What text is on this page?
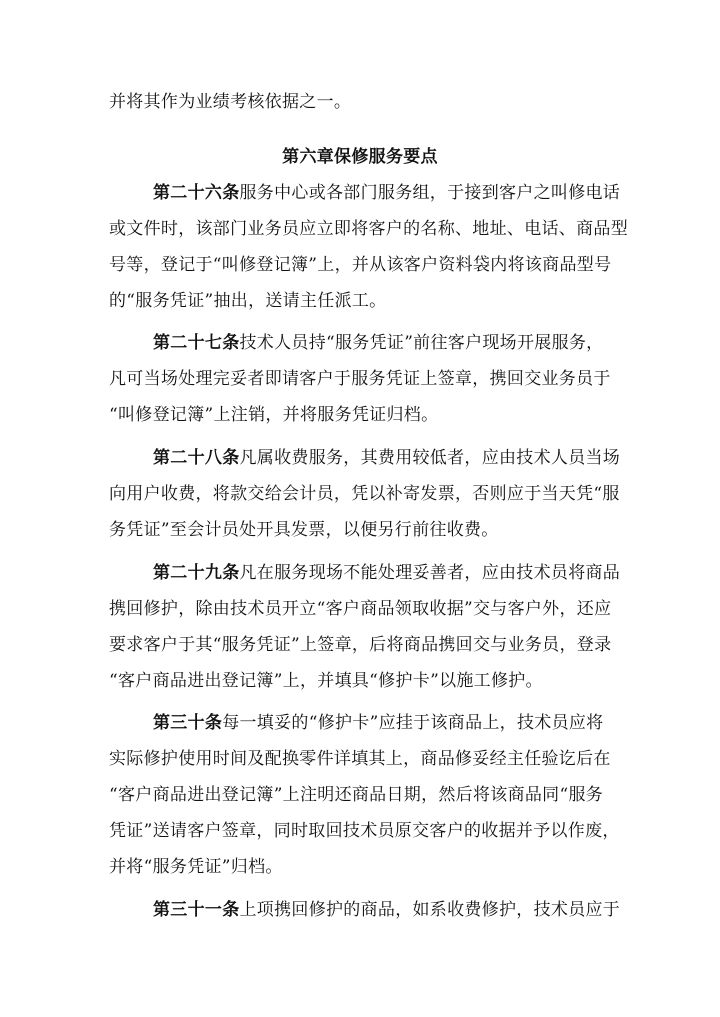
并将其作为业绩考核依据之一。
第六章保修服务要点
第二十六条服务中心或各部门服务组，于接到客户之叫修电话
或文件时，该部门业务员应立即将客户的名称、地址、电话、商品型
号等，登记于“叫修登记簿”上，并从该客户资料袋内将该商品型号
的“服务凭证”抽出，送请主任派工。
第二十七条技术人员持“服务凭证”前往客户现场开展服务，
凡可当场处理完妥者即请客户于服务凭证上签章，携回交业务员于
“叫修登记簿”上注销，并将服务凭证归档。
第二十八条凡属收费服务，其费用较低者，应由技术人员当场
向用户收费，将款交给会计员，凭以补寄发票，否则应于当天凭“服
务凭证”至会计员处开具发票，以便另行前往收费。
第二十九条凡在服务现场不能处理妥善者，应由技术员将商品
携回修护，除由技术员开立“客户商品领取收据”交与客户外，还应
要求客户于其“服务凭证”上签章，后将商品携回交与业务员，登录
“客户商品进出登记簿”上，并填具“修护卡”以施工修护。
第三十条每一填妥的“修护卡”应挂于该商品上，技术员应将
实际修护使用时间及配换零件详填其上，商品修妥经主任验讫后在
“客户商品进出登记簿”上注明还商品日期，然后将该商品同“服务
凭证”送请客户签章，同时取回技术员原交客户的收据并予以作废，
并将“服务凭证”归档。
第三十一条上项携回修护的商品，如系收费修护，技术员应于
